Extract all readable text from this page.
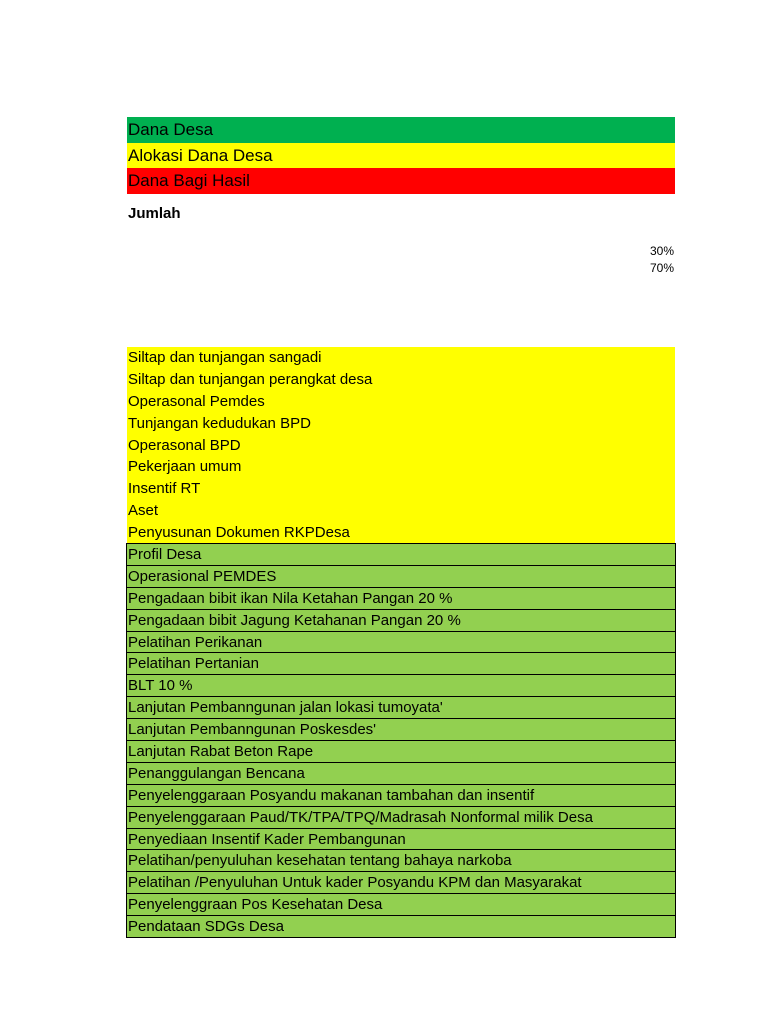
Dana Desa
Alokasi Dana Desa
Dana Bagi Hasil
Jumlah
30%
70%
Siltap dan tunjangan sangadi
Siltap dan tunjangan perangkat desa
Operasonal Pemdes
Tunjangan kedudukan BPD
Operasonal BPD
Pekerjaan umum
Insentif RT
Aset
Penyusunan Dokumen RKPDesa
Profil Desa
Operasional PEMDES
Pengadaan bibit ikan Nila Ketahan Pangan 20 %
Pengadaan bibit Jagung Ketahanan Pangan 20 %
Pelatihan Perikanan
Pelatihan Pertanian
BLT 10 %
Lanjutan Pembanngunan jalan lokasi tumoyata'
Lanjutan Pembanngunan Poskesdes'
Lanjutan Rabat Beton Rape
Penanggulangan Bencana
Penyelenggaraan Posyandu makanan tambahan dan insentif
Penyelenggaraan Paud/TK/TPA/TPQ/Madrasah Nonformal milik Desa
Penyediaan Insentif Kader Pembangunan
Pelatihan/penyuluhan kesehatan tentang bahaya narkoba
Pelatihan /Penyuluhan Untuk kader Posyandu KPM dan Masyarakat
Penyelenggraan Pos Kesehatan Desa
Pendataan SDGs Desa
